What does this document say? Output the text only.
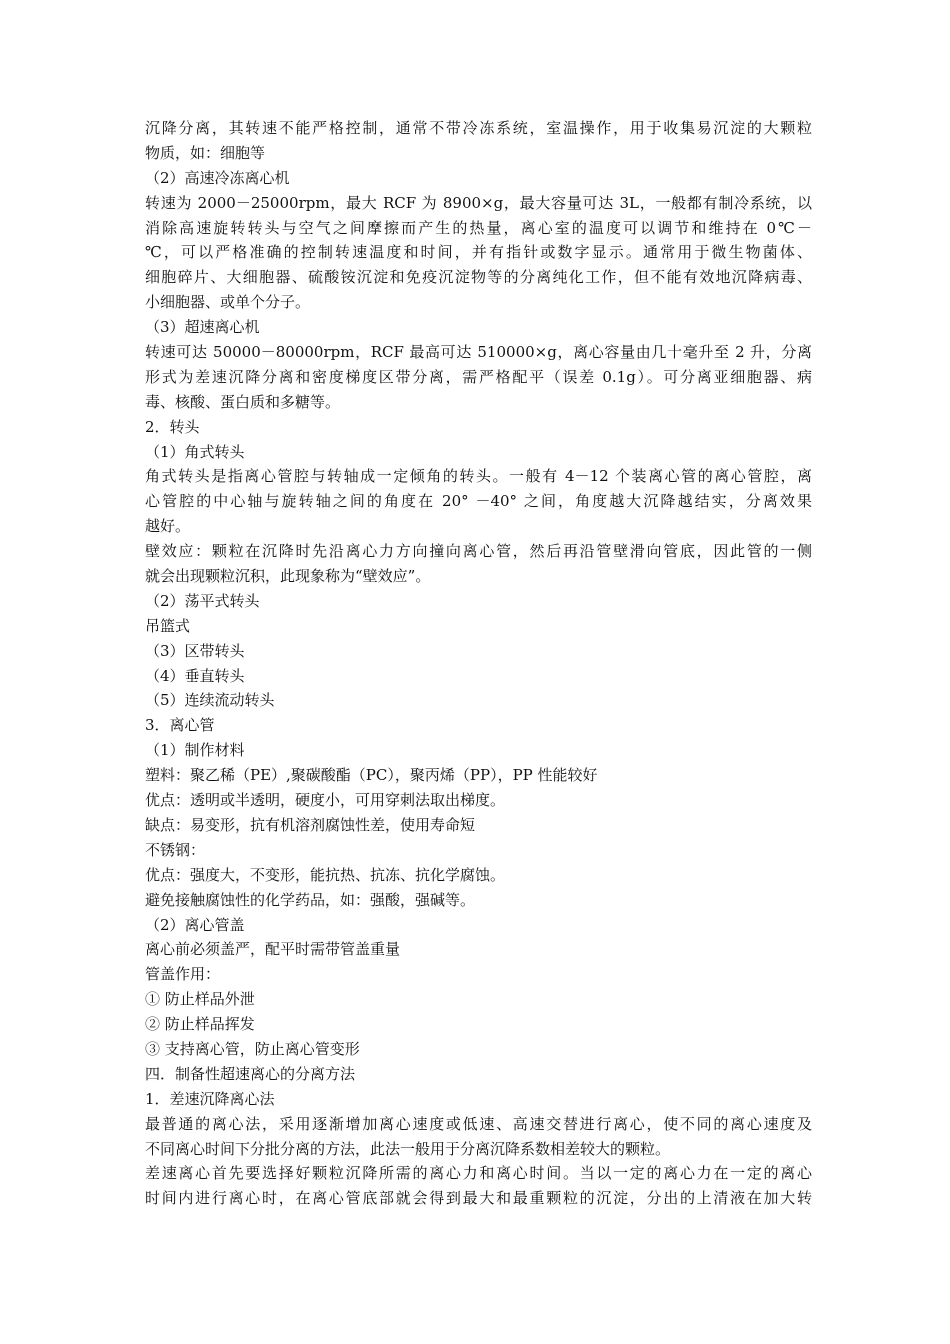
沉降分离，其转速不能严格控制，通常不带冷冻系统，室温操作，用于收集易沉淀的大颗粒
物质，如：细胞等
（2）高速冷冻离心机
转速为 2000－25000rpm，最大 RCF 为 8900×g，最大容量可达 3L，一般都有制冷系统，以
消除高速旋转转头与空气之间摩擦而产生的热量，离心室的温度可以调节和维持在 0℃－
℃，可以严格准确的控制转速温度和时间，并有指针或数字显示。通常用于微生物菌体、
细胞碎片、大细胞器、硫酸铵沉淀和免疫沉淀物等的分离纯化工作，但不能有效地沉降病毒、
小细胞器、或单个分子。
（3）超速离心机
转速可达 50000－80000rpm，RCF 最高可达 510000×g，离心容量由几十毫升至 2 升，分离
形式为差速沉降分离和密度梯度区带分离，需严格配平（误差 0.1g）。可分离亚细胞器、病
毒、核酸、蛋白质和多糖等。
2．转头
（1）角式转头
角式转头是指离心管腔与转轴成一定倾角的转头。一般有 4－12 个装离心管的离心管腔，离
心管腔的中心轴与旋转轴之间的角度在 20° －40° 之间，角度越大沉降越结实，分离效果
越好。
壁效应：颗粒在沉降时先沿离心力方向撞向离心管，然后再沿管壁滑向管底，因此管的一侧
就会出现颗粒沉积，此现象称为“壁效应”。
（2）荡平式转头
吊篮式
（3）区带转头
（4）垂直转头
（5）连续流动转头
3．离心管
（1）制作材料
塑料：聚乙稀（PE）,聚碳酸酯（PC），聚丙烯（PP），PP 性能较好
优点：透明或半透明，硬度小，可用穿刺法取出梯度。
缺点：易变形，抗有机溶剂腐蚀性差，使用寿命短
不锈钢：
优点：强度大，不变形，能抗热、抗冻、抗化学腐蚀。
避免接触腐蚀性的化学药品，如：强酸，强碱等。
（2）离心管盖
离心前必须盖严，配平时需带管盖重量
管盖作用：
① 防止样品外泄
② 防止样品挥发
③ 支持离心管，防止离心管变形
四．制备性超速离心的分离方法
1．差速沉降离心法
最普通的离心法，采用逐渐增加离心速度或低速、高速交替进行离心，使不同的离心速度及
不同离心时间下分批分离的方法，此法一般用于分离沉降系数相差较大的颗粒。
差速离心首先要选择好颗粒沉降所需的离心力和离心时间。当以一定的离心力在一定的离心
时间内进行离心时，在离心管底部就会得到最大和最重颗粒的沉淀，分出的上清液在加大转
